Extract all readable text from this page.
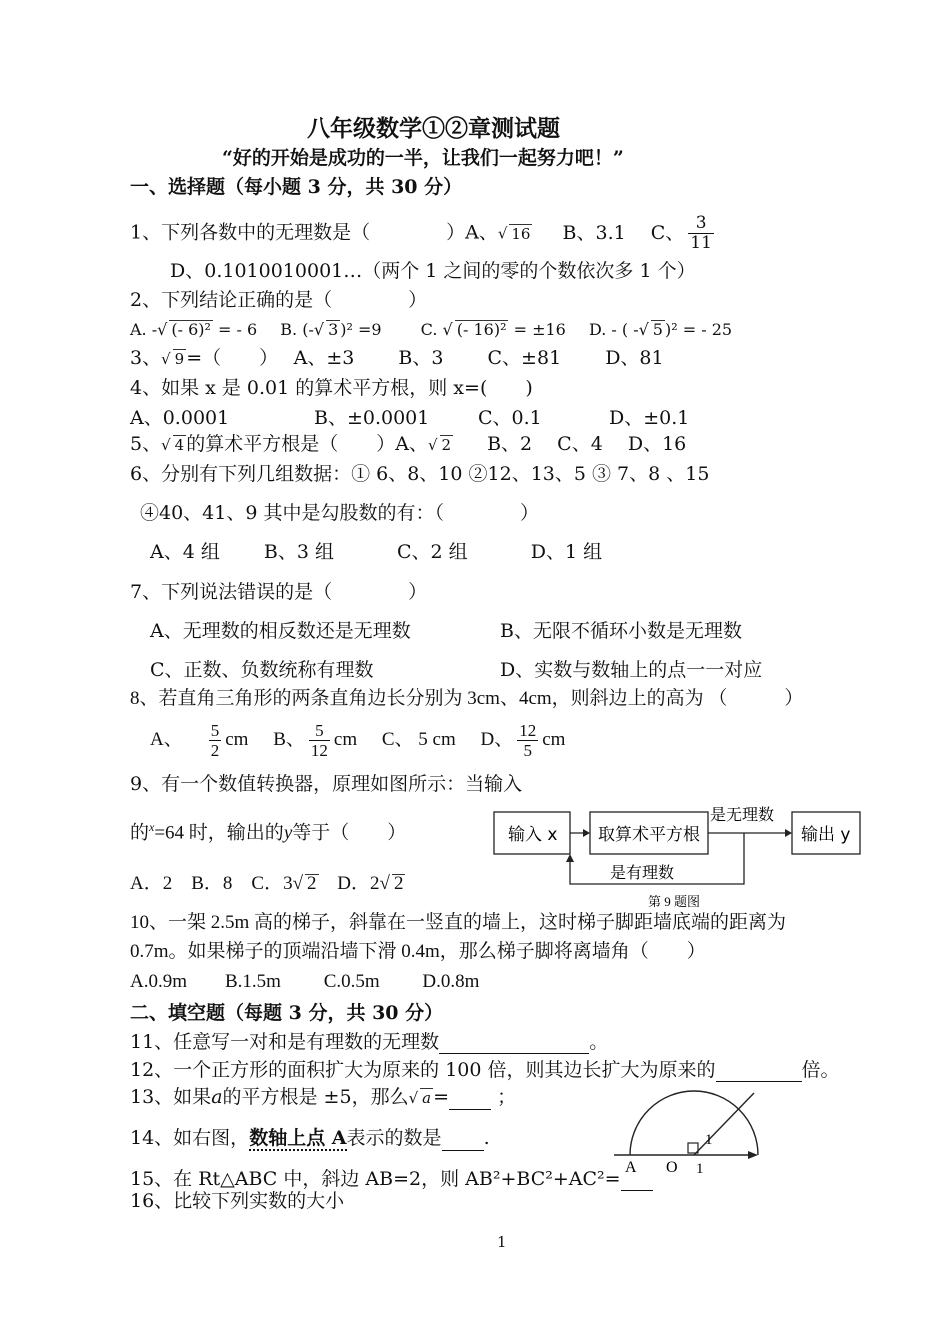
八年级数学①②章测试题
“好的开始是成功的一半，让我们一起努力吧！”
一、选择题（每小题 3 分，共 30 分）
1、下列各数中的无理数是（　　　　）A、√ 16 B、3.1　 C、 $\frac{3}{11}$
D、0.1010010001…（两个 1 之间的零的个数依次多 1 个）
2、下列结论正确的是（　　　　）
A. -√ (- 6)² = - 6 B. (-√ 3 )² =9 C. √ (- 16)² = ±16 D. - ( -√ 5 )² = - 25
3、√ 9 =（　　）　 A、±3　　 B、3　　 C、±81　　 D、81
4、如果 x 是 0.01 的算术平方根，则 x=(　　)
A、0.0001	B、±0.0001	C、0.1	D、±0.1
5、√ 4 的算术平方根是（　　）A、√ 2 B、2　 C、4　 D、16
6、分别有下列几组数据：① 6、8、10 ②12、13、5 ③ 7、8 、15
④40、41、9 其中是勾股数的有：（　　　　）
A、4 组　　 B、3 组　　　 C、2 组　　　 D、1 组
7、下列说法错误的是（　　　　）
A、无理数的相反数还是无理数	B、无限不循环小数是无理数
C、正数、负数统称有理数	D、实数与数轴上的点一一对应
8、若直角三角形的两条直角边长分别为 3cm、4cm，则斜边上的高为 （　　　）
A、 $\frac{5}{2}$ cm B、 $\frac{5}{12}$ cm C、 5 cm D、 $\frac{12}{5}$ cm
9、有一个数值转换器，原理如图所示：当输入
的$^x$=64 时，输出的y等于（　　）
A．2　B．8　C．3√ 2 D．2√ 2
输入 x 取算术平方根	输出 y
是无理数
是有理数
第 9 题图
10、一架 2.5m 高的梯子，斜靠在一竖直的墙上，这时梯子脚距墙底端的距离为
0.7m。如果梯子的顶端沿墙下滑 0.4m，那么梯子脚将离墙角（　　）
A.0.9m　　B.1.5m　　 C.0.5m　　 D.0.8m
二、填空题（每题 3 分，共 30 分）
11、任意写一对和是有理数的无理数	。
12、一个正方形的面积扩大为原来的 100 倍，则其边长扩大为原来的	倍。
13、如果a的平方根是 ±5，那么√ a =	；
14、如右图，数轴上点 A表示的数是 .
A O
1
1
15、在 Rt△ABC 中，斜边 AB=2，则 AB²+BC²+AC²=
16、比较下列实数的大小
1
